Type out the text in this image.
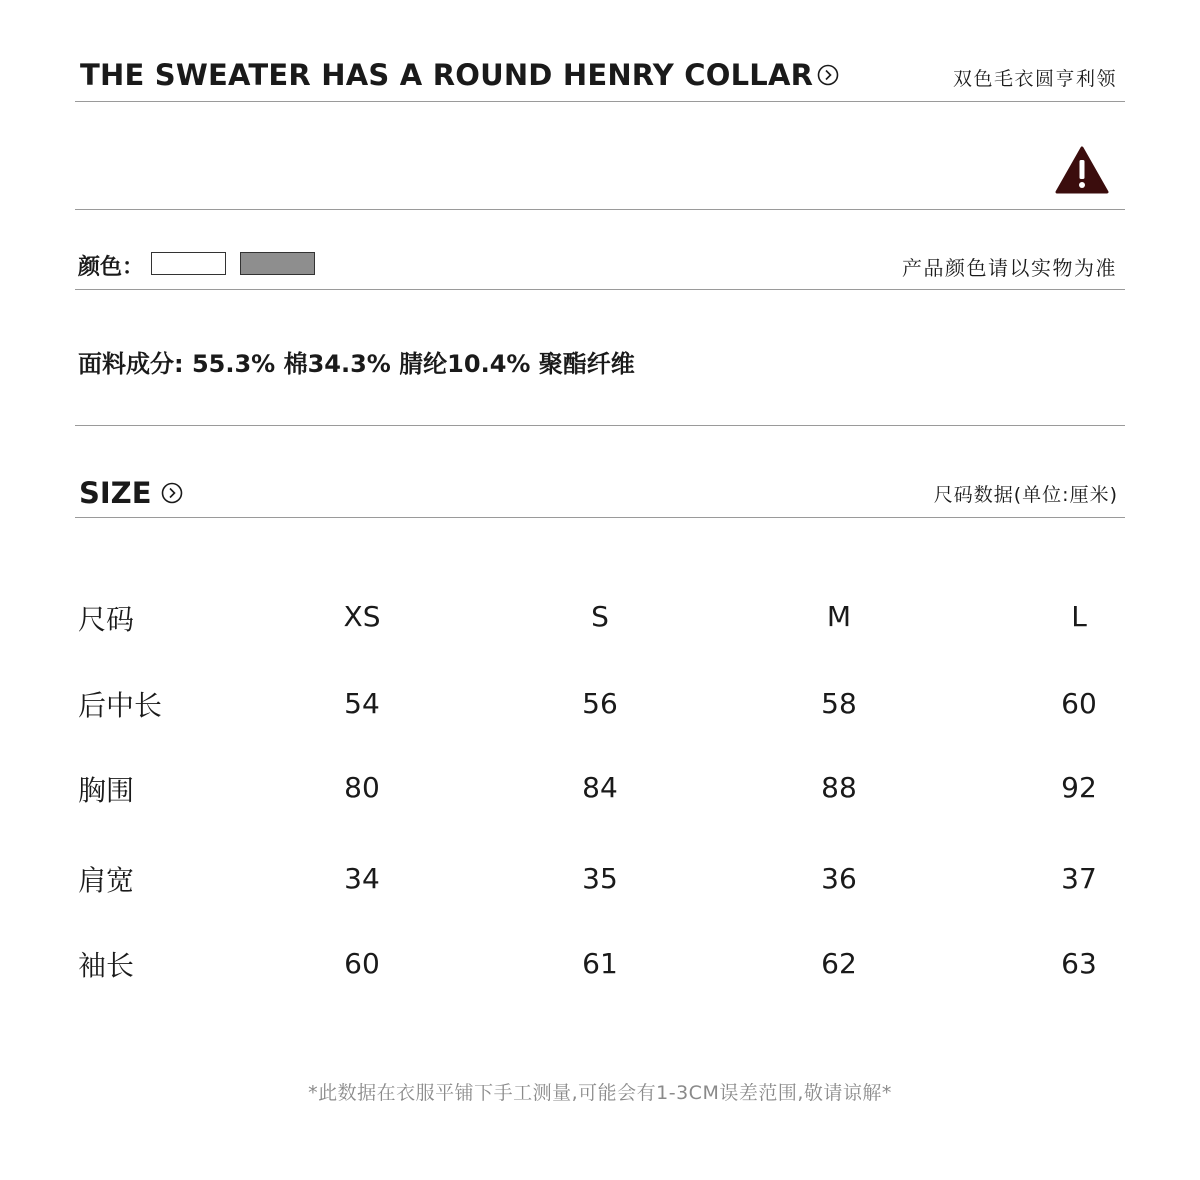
THE SWEATER HAS A ROUND HENRY COLLAR	双色毛衣圆亨利领
颜色：	产品颜色请以实物为准
面料成分: 55.3% 棉34.3% 腈纶10.4% 聚酯纤维
SIZE	尺码数据(单位:厘米)
尺码	XS	S	M	L
后中长	54	56	58	60
胸围	80	84	88	92
肩宽	34	35	36	37
袖长	60	61	62	63
*此数据在衣服平铺下手工测量,可能会有1-3CM误差范围,敬请谅解*
